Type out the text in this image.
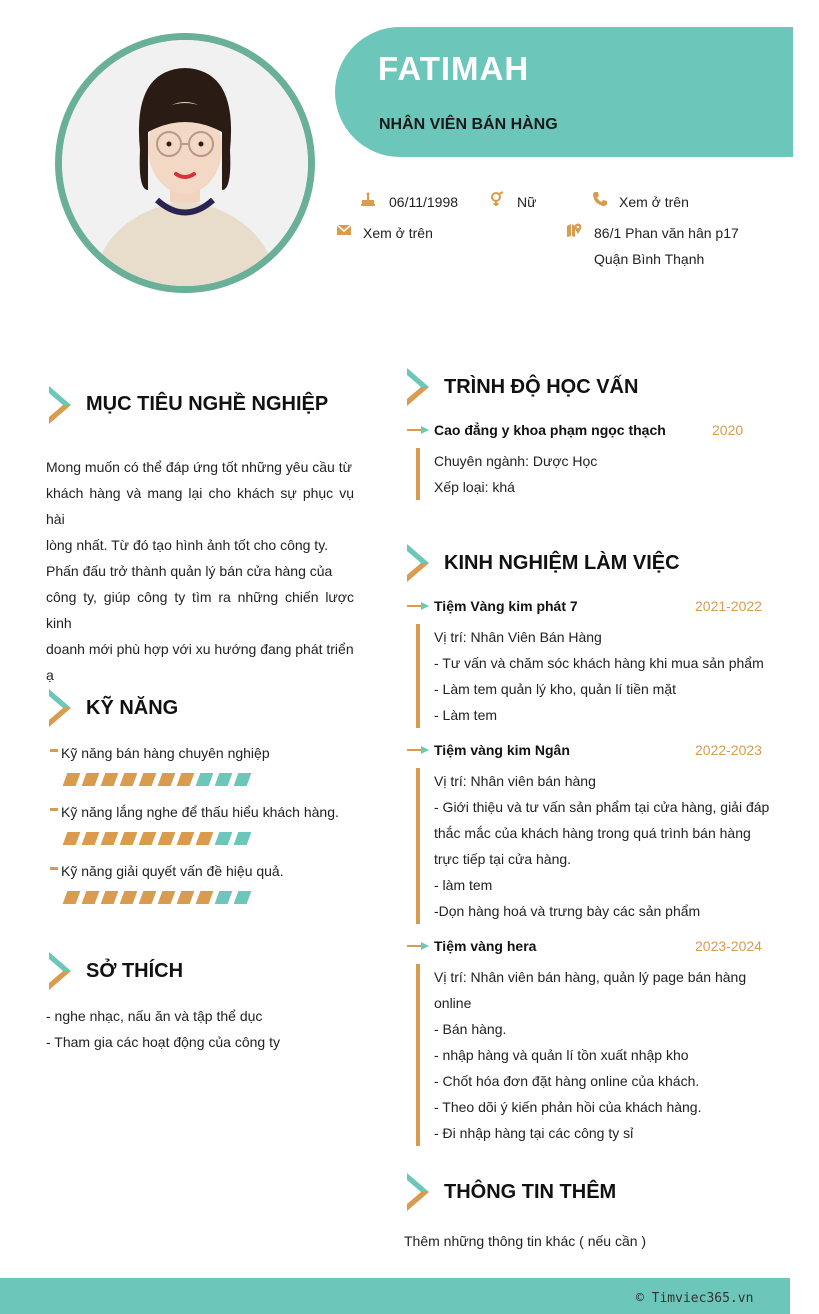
FATIMAH
NHÂN VIÊN BÁN HÀNG
06/11/1998	Nữ	Xem ở trên
Xem ở trên	86/1 Phan văn hân p17
Quận Bình Thạnh
MỤC TIÊU NGHỀ NGHIỆP
Mong muốn có thể đáp ứng tốt những yêu cầu từ
khách hàng và mang lại cho khách sự phục vụ hài
lòng nhất. Từ đó tạo hình ảnh tốt cho công ty.
Phấn đấu trở thành quản lý bán cửa hàng của
công ty, giúp công ty tìm ra những chiến lược kinh
doanh mới phù hợp với xu hướng đang phát triển
ạ
KỸ NĂNG
Kỹ năng bán hàng chuyên nghiệp
Kỹ năng lắng nghe để thấu hiểu khách hàng.
Kỹ năng giải quyết vấn đề hiệu quả.
SỞ THÍCH
- nghe nhạc, nấu ăn và tập thể dục
- Tham gia các hoạt động của công ty
TRÌNH ĐỘ HỌC VẤN
Cao đẳng y khoa phạm ngọc thạch	2020
Chuyên ngành: Dược Học
Xếp loại: khá
KINH NGHIỆM LÀM VIỆC
Tiệm Vàng kim phát 7	2021-2022
Vị trí: Nhân Viên Bán Hàng
- Tư vấn và chăm sóc khách hàng khi mua sản phẩm
- Làm tem quản lý kho, quản lí tiền mặt
- Làm tem
Tiệm vàng kim Ngân	2022-2023
Vị trí: Nhân viên bán hàng
- Giới thiệu và tư vấn sản phẩm tại cửa hàng, giải đáp
thắc mắc của khách hàng trong quá trình bán hàng
trực tiếp tại cửa hàng.
- làm tem
-Dọn hàng hoá và trưng bày các sản phẩm
Tiệm vàng hera	2023-2024
Vị trí: Nhân viên bán hàng, quản lý page bán hàng
online
- Bán hàng.
- nhập hàng và quản lí tồn xuất nhập kho
- Chốt hóa đơn đặt hàng online của khách.
- Theo dõi ý kiến phản hồi của khách hàng.
- Đi nhập hàng tại các công ty sỉ
THÔNG TIN THÊM
Thêm những thông tin khác ( nếu cần )
© Timviec365.vn
